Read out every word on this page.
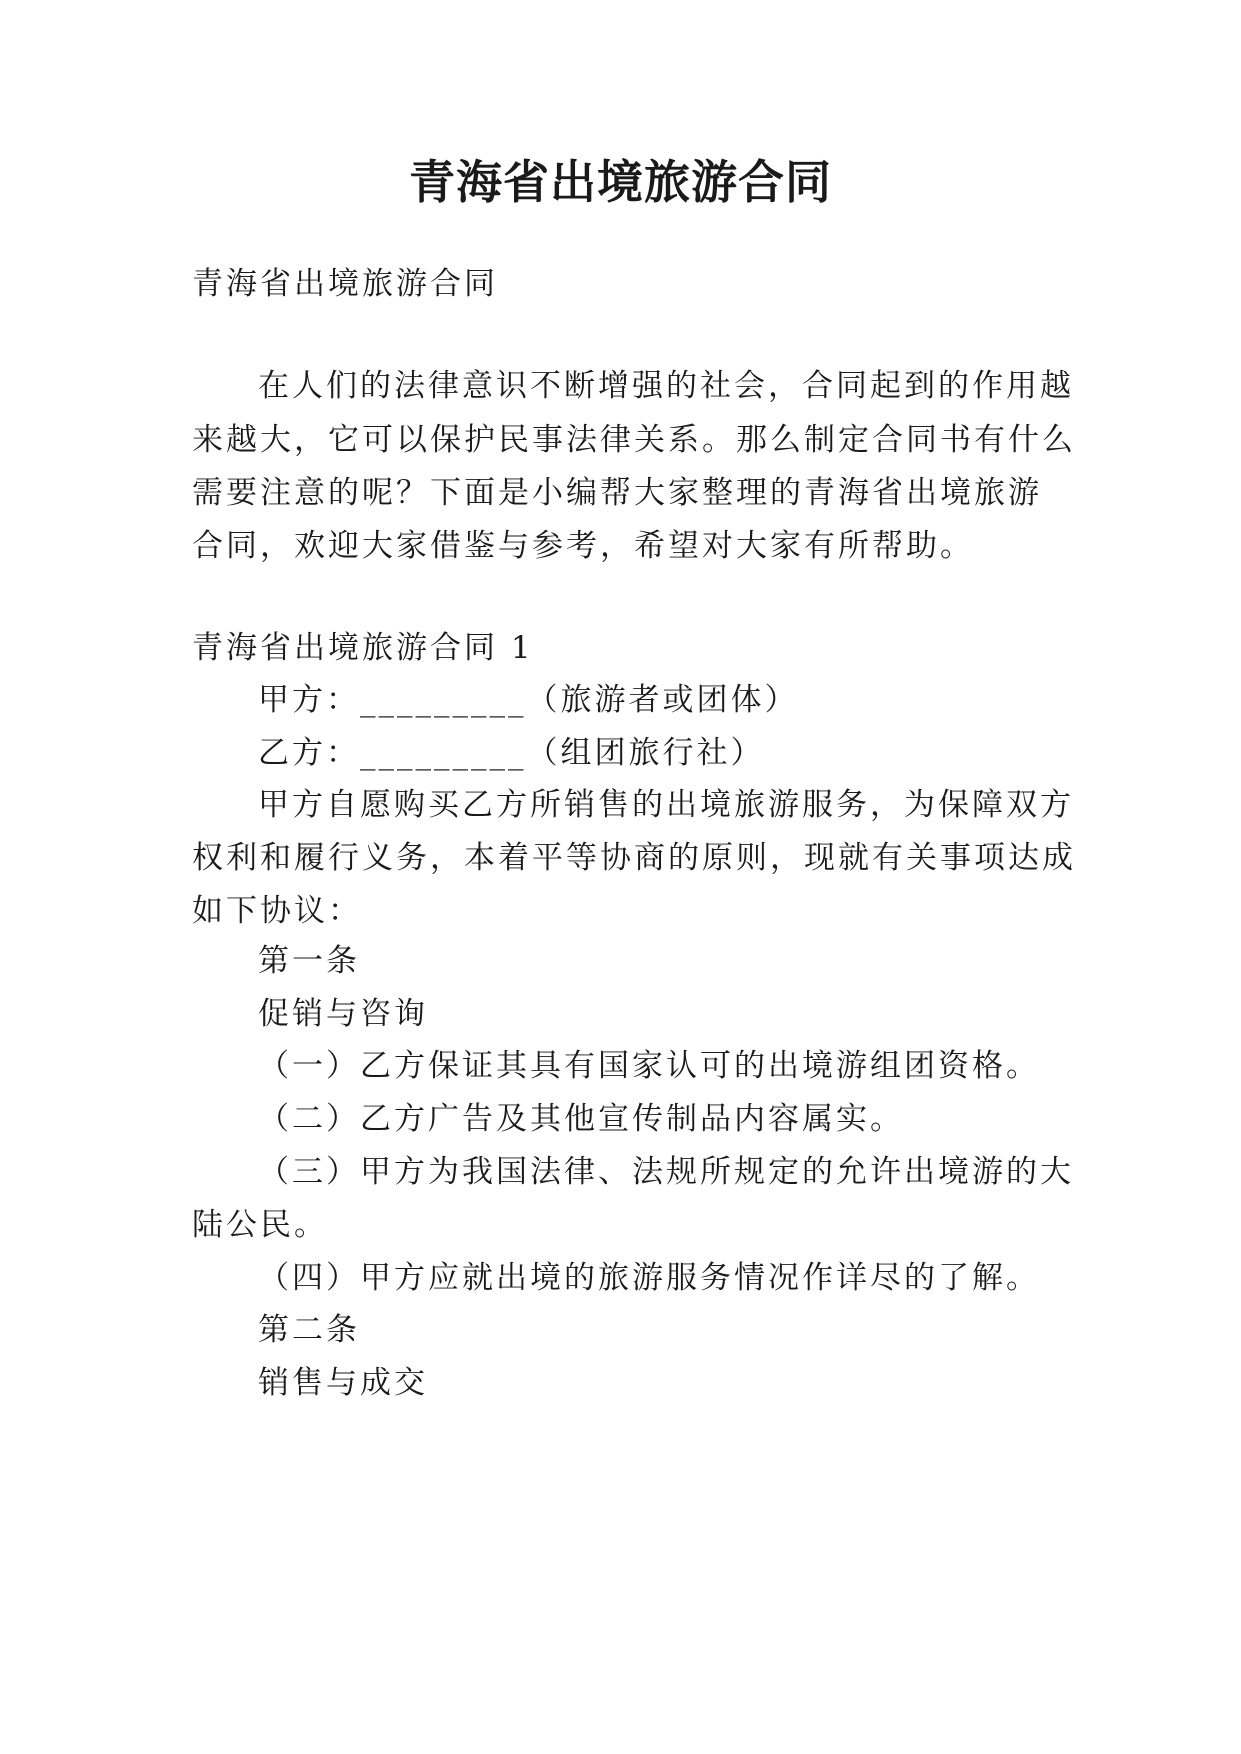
青海省出境旅游合同
青海省出境旅游合同
在人们的法律意识不断增强的社会，合同起到的作用越
来越大，它可以保护民事法律关系。那么制定合同书有什么
需要注意的呢？下面是小编帮大家整理的青海省出境旅游
合同，欢迎大家借鉴与参考，希望对大家有所帮助。
青海省出境旅游合同 1
甲方：_________（旅游者或团体）
乙方：_________（组团旅行社）
甲方自愿购买乙方所销售的出境旅游服务，为保障双方
权利和履行义务，本着平等协商的原则，现就有关事项达成
如下协议：
第一条
促销与咨询
（一）乙方保证其具有国家认可的出境游组团资格。
（二）乙方广告及其他宣传制品内容属实。
（三）甲方为我国法律、法规所规定的允许出境游的大
陆公民。
（四）甲方应就出境的旅游服务情况作详尽的了解。
第二条
销售与成交
